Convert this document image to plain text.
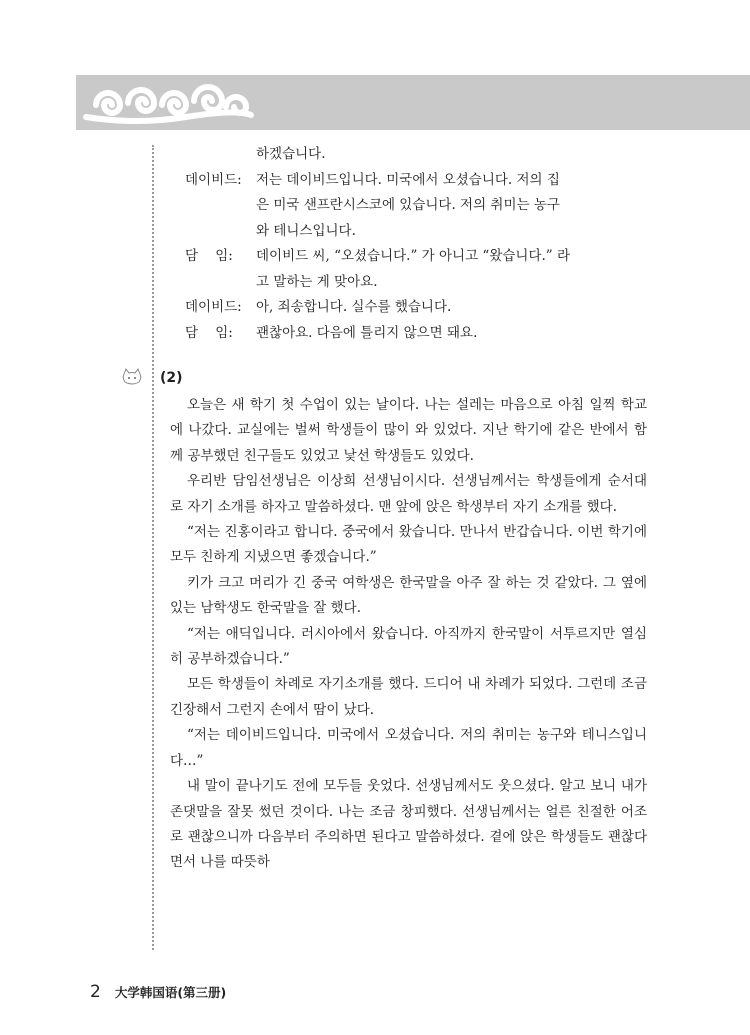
하겠습니다.
데이비드:	저는 데이비드입니다. 미국에서 오셨습니다. 저의 집
은 미국 샌프란시스코에 있습니다. 저의 취미는 농구
와 테니스입니다.
담    임:	데이비드 씨, “오셨습니다.” 가 아니고 “왔습니다.” 라
고 말하는 게 맞아요.
데이비드:	아, 죄송합니다. 실수를 했습니다.
담    임:	괜찮아요. 다음에 틀리지 않으면 돼요.
(2)

오늘은 새 학기 첫 수업이 있는 날이다. 나는 설레는 마음으로 아침 일찍 학교에 나갔다. 교실에는 벌써 학생들이 많이 와 있었다. 지난 학기에 같은 반에서 함께 공부했던 친구들도 있었고 낯선 학생들도 있었다.

우리반 담임선생님은 이상희 선생님이시다. 선생님께서는 학생들에게 순서대로 자기 소개를 하자고 말씀하셨다. 맨 앞에 앉은 학생부터 자기 소개를 했다.

“저는 진홍이라고 합니다. 중국에서 왔습니다. 만나서 반갑습니다. 이번 학기에 모두 친하게 지냈으면 좋겠습니다.”

키가 크고 머리가 긴 중국 여학생은 한국말을 아주 잘 하는 것 같았다. 그 옆에 있는 남학생도 한국말을 잘 했다.

“저는 애딕입니다. 러시아에서 왔습니다. 아직까지 한국말이 서투르지만 열심히 공부하겠습니다.”

모든 학생들이 차례로 자기소개를 했다. 드디어 내 차례가 되었다. 그런데 조금 긴장해서 그런지 손에서 땀이 났다.

“저는 데이비드입니다. 미국에서 오셨습니다. 저의 취미는 농구와 테니스입니다…”

내 말이 끝나기도 전에 모두들 웃었다. 선생님께서도 웃으셨다. 알고 보니 내가 존댓말을 잘못 썼던 것이다. 나는 조금 창피했다. 선생님께서는 얼른 친절한 어조로 괜찮으니까 다음부터 주의하면 된다고 말씀하셨다. 곁에 앉은 학생들도 괜찮다면서 나를 따뜻하

2 大学韩国语(第三册)
